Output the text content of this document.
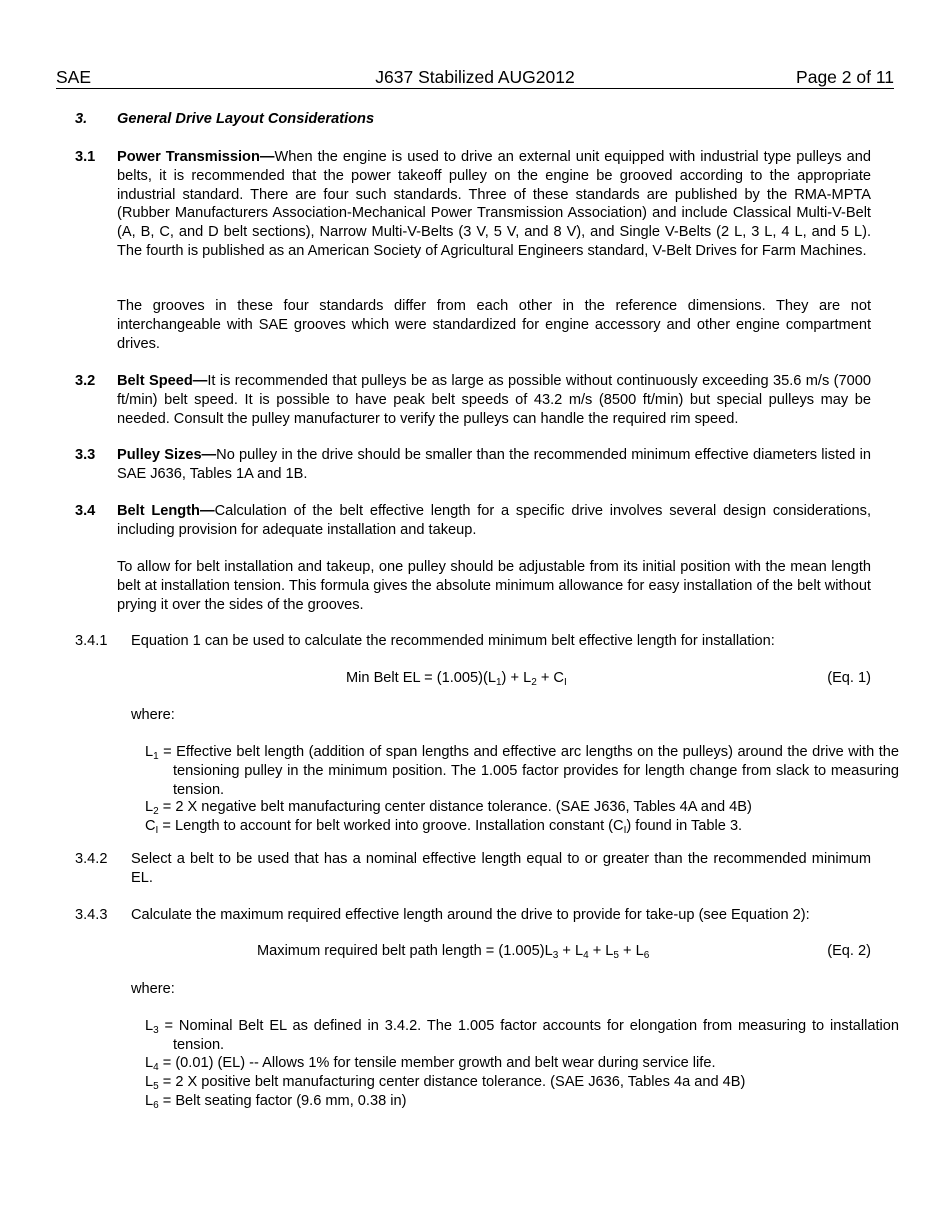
SAE	J637 Stabilized AUG2012	Page 2 of 11
3. General Drive Layout Considerations
3.1 Power Transmission—When the engine is used to drive an external unit equipped with industrial type pulleys and belts, it is recommended that the power takeoff pulley on the engine be grooved according to the appropriate industrial standard. There are four such standards. Three of these standards are published by the RMA-MPTA (Rubber Manufacturers Association-Mechanical Power Transmission Association) and include Classical Multi-V-Belt (A, B, C, and D belt sections), Narrow Multi-V-Belts (3 V, 5 V, and 8 V), and Single V-Belts (2 L, 3 L, 4 L, and 5 L). The fourth is published as an American Society of Agricultural Engineers standard, V-Belt Drives for Farm Machines.
The grooves in these four standards differ from each other in the reference dimensions. They are not interchangeable with SAE grooves which were standardized for engine accessory and other engine compartment drives.
3.2 Belt Speed—It is recommended that pulleys be as large as possible without continuously exceeding 35.6 m/s (7000 ft/min) belt speed. It is possible to have peak belt speeds of 43.2 m/s (8500 ft/min) but special pulleys may be needed. Consult the pulley manufacturer to verify the pulleys can handle the required rim speed.
3.3 Pulley Sizes—No pulley in the drive should be smaller than the recommended minimum effective diameters listed in SAE J636, Tables 1A and 1B.
3.4 Belt Length—Calculation of the belt effective length for a specific drive involves several design considerations, including provision for adequate installation and takeup.
To allow for belt installation and takeup, one pulley should be adjustable from its initial position with the mean length belt at installation tension. This formula gives the absolute minimum allowance for easy installation of the belt without prying it over the sides of the grooves.
3.4.1 Equation 1 can be used to calculate the recommended minimum belt effective length for installation:
Min Belt EL = $(1.005)(L_1) + L_2 + C_I$	(Eq. 1)
where:
$L_1$ = Effective belt length (addition of span lengths and effective arc lengths on the pulleys) around the drive with the tensioning pulley in the minimum position. The 1.005 factor provides for length change from slack to measuring tension.
$L_2 = 2$ X negative belt manufacturing center distance tolerance. (SAE J636, Tables 4A and 4B)
$C_I$ = Length to account for belt worked into groove. Installation constant $(C_I)$ found in Table 3.
3.4.2 Select a belt to be used that has a nominal effective length equal to or greater than the recommended minimum EL.
3.4.3 Calculate the maximum required effective length around the drive to provide for take-up (see Equation 2):
Maximum required belt path length = $(1.005)L_3 + L_4 + L_5 + L_6$	(Eq. 2)
where:
$L_3$ = Nominal Belt EL as defined in 3.4.2. The 1.005 factor accounts for elongation from measuring to installation tension.
$L_4 = (0.01)$ (EL) -- Allows 1% for tensile member growth and belt wear during service life.
$L_5 = 2$ X positive belt manufacturing center distance tolerance. (SAE J636, Tables 4a and 4B)
$L_6$ = Belt seating factor (9.6 mm, 0.38 in)
